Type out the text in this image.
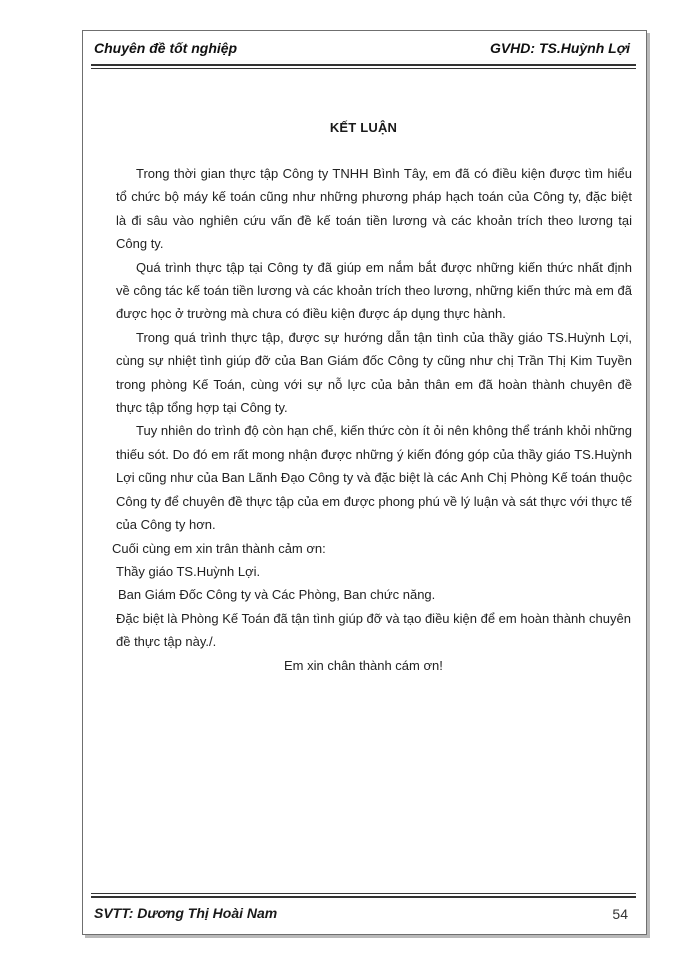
Chuyên đề tốt nghiệp	GVHD: TS.Huỳnh Lợi
KẾT LUẬN

Trong thời gian thực tập Công ty TNHH Bình Tây, em đã có điều kiện được tìm hiểu tổ chức bộ máy kế toán cũng như những phương pháp hạch toán của Công ty, đặc biệt là đi sâu vào nghiên cứu vấn đề kế toán tiền lương và các khoản trích theo lương tại Công ty.

Quá trình thực tập tại Công ty đã giúp em nắm bắt được những kiến thức nhất định về công tác kế toán tiền lương và các khoản trích theo lương, những kiến thức mà em đã được học ở trường mà chưa có điều kiện được áp dụng thực hành.

Trong quá trình thực tập, được sự hướng dẫn tận tình của thầy giáo TS.Huỳnh Lợi, cùng sự nhiệt tình giúp đỡ của Ban Giám đốc Công ty cũng như chị Trần Thị Kim Tuyền trong phòng Kế Toán, cùng với sự nỗ lực của bản thân em đã hoàn thành chuyên đề thực tập tổng hợp tại Công ty.

Tuy nhiên do trình độ còn hạn chế, kiến thức còn ít ỏi nên không thể tránh khỏi những thiếu sót. Do đó em rất mong nhận được những ý kiến đóng góp của thầy giáo TS.Huỳnh Lợi cũng như của Ban Lãnh Đạo Công ty và đặc biệt là các Anh Chị Phòng Kế toán thuộc Công ty để chuyên đề thực tập của em được phong phú về lý luận và sát thực với thực tế của Công ty hơn.

Cuối cùng em xin trân thành cảm ơn:

Thầy giáo TS.Huỳnh Lợi.

Ban Giám Đốc Công ty và Các Phòng, Ban chức năng.

Đặc biệt là Phòng Kế Toán đã tận tình giúp đỡ và tạo điều kiện để em hoàn thành chuyên đề thực tập này./.

Em xin chân thành cám ơn!

SVTT: Dương Thị Hoài Nam	54
